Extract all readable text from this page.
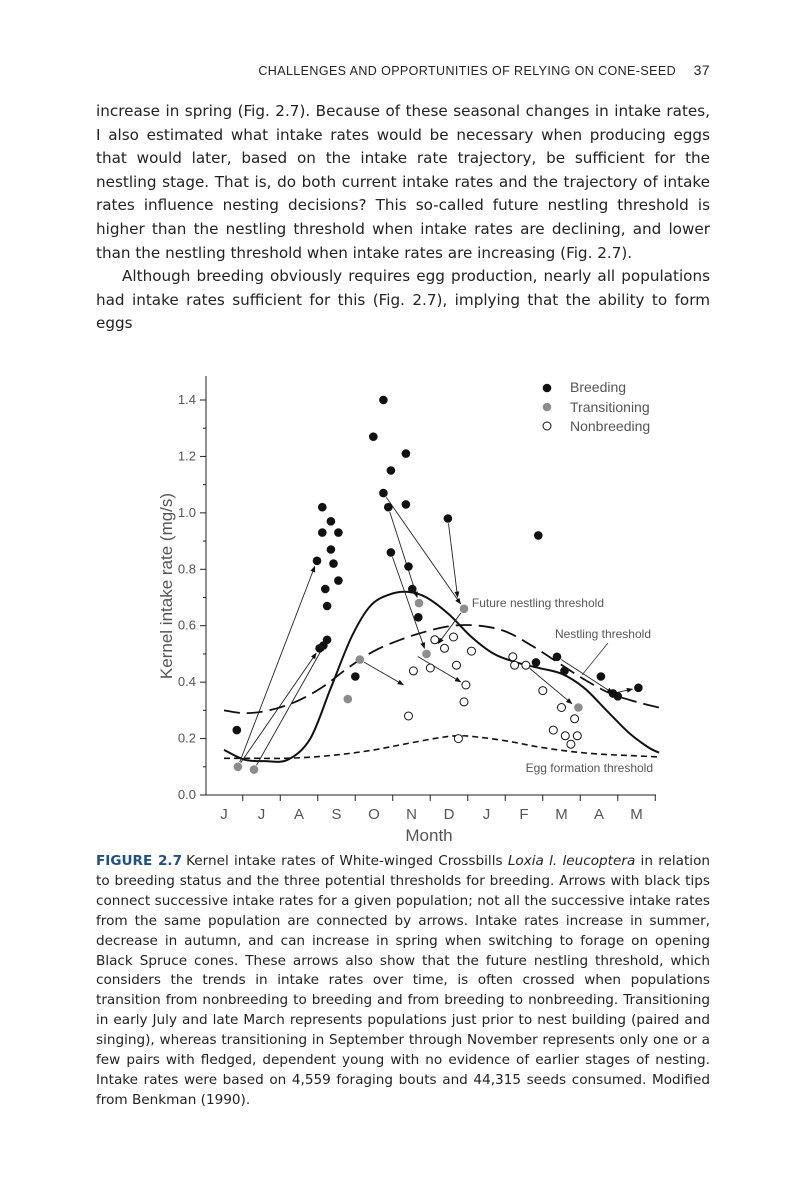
CHALLENGES AND OPPORTUNITIES OF RELYING ON CONE-SEED 37

increase in spring (Fig. 2.7). Because of these seasonal changes in intake rates, I also estimated what intake rates would be necessary when producing eggs that would later, based on the intake rate trajectory, be sufficient for the nestling stage. That is, do both current intake rates and the trajectory of intake rates influence nesting decisions? This so-called future nestling threshold is higher than the nestling threshold when intake rates are declining, and lower than the nestling threshold when intake rates are increasing (Fig. 2.7).

Although breeding obviously requires egg production, nearly all populations had intake rates sufficient for this (Fig. 2.7), implying that the ability to form eggs

0.0
0.2
0.4
0.6
0.8
1.0
1.2
1.4
J J A S O N D J F M A M
Month
Kernel intake rate (mg/s)	Future nestling threshold
Nestling threshold
Egg formation threshold
Breeding
Transitioning
Nonbreeding

FIGURE 2.7 Kernel intake rates of White-winged Crossbills Loxia l. leucoptera in relation to breeding status and the three potential thresholds for breeding. Arrows with black tips connect successive intake rates for a given population; not all the successive intake rates from the same population are connected by arrows. Intake rates increase in summer, decrease in autumn, and can increase in spring when switching to forage on opening Black Spruce cones. These arrows also show that the future nestling threshold, which considers the trends in intake rates over time, is often crossed when populations transition from nonbreeding to breeding and from breeding to nonbreeding. Transitioning in early July and late March represents populations just prior to nest building (paired and singing), whereas transitioning in September through November represents only one or a few pairs with fledged, dependent young with no evidence of earlier stages of nesting. Intake rates were based on 4,559 foraging bouts and 44,315 seeds consumed. Modified from Benkman (1990).
